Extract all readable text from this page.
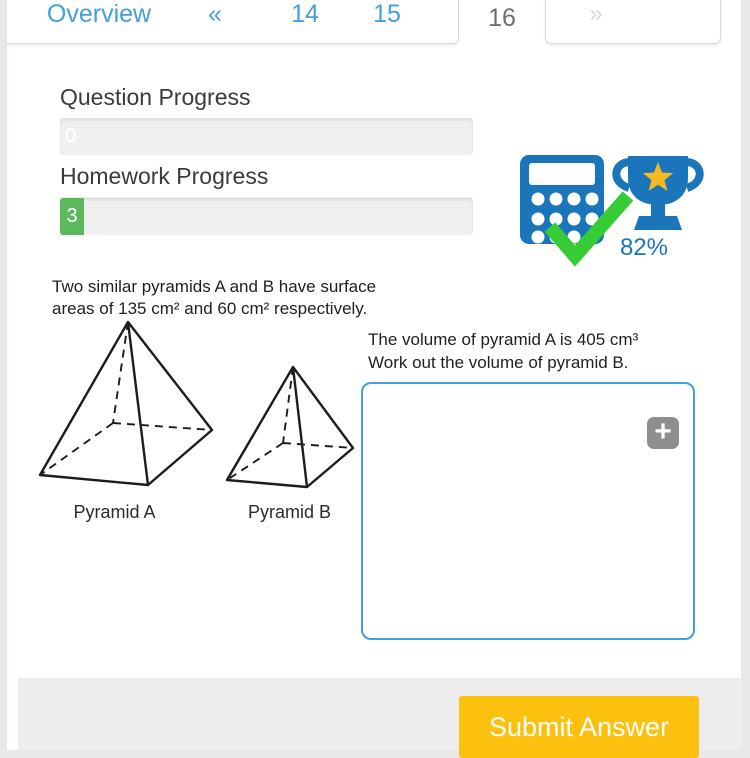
Overview	«	14	15	16	»
Question Progress
0
Homework Progress
3
82%
Two similar pyramids A and B have surface
areas of 135 cm² and 60 cm² respectively.
Pyramid A	Pyramid B
The volume of pyramid A is 405 cm³
Work out the volume of pyramid B.
+
Submit Answer
